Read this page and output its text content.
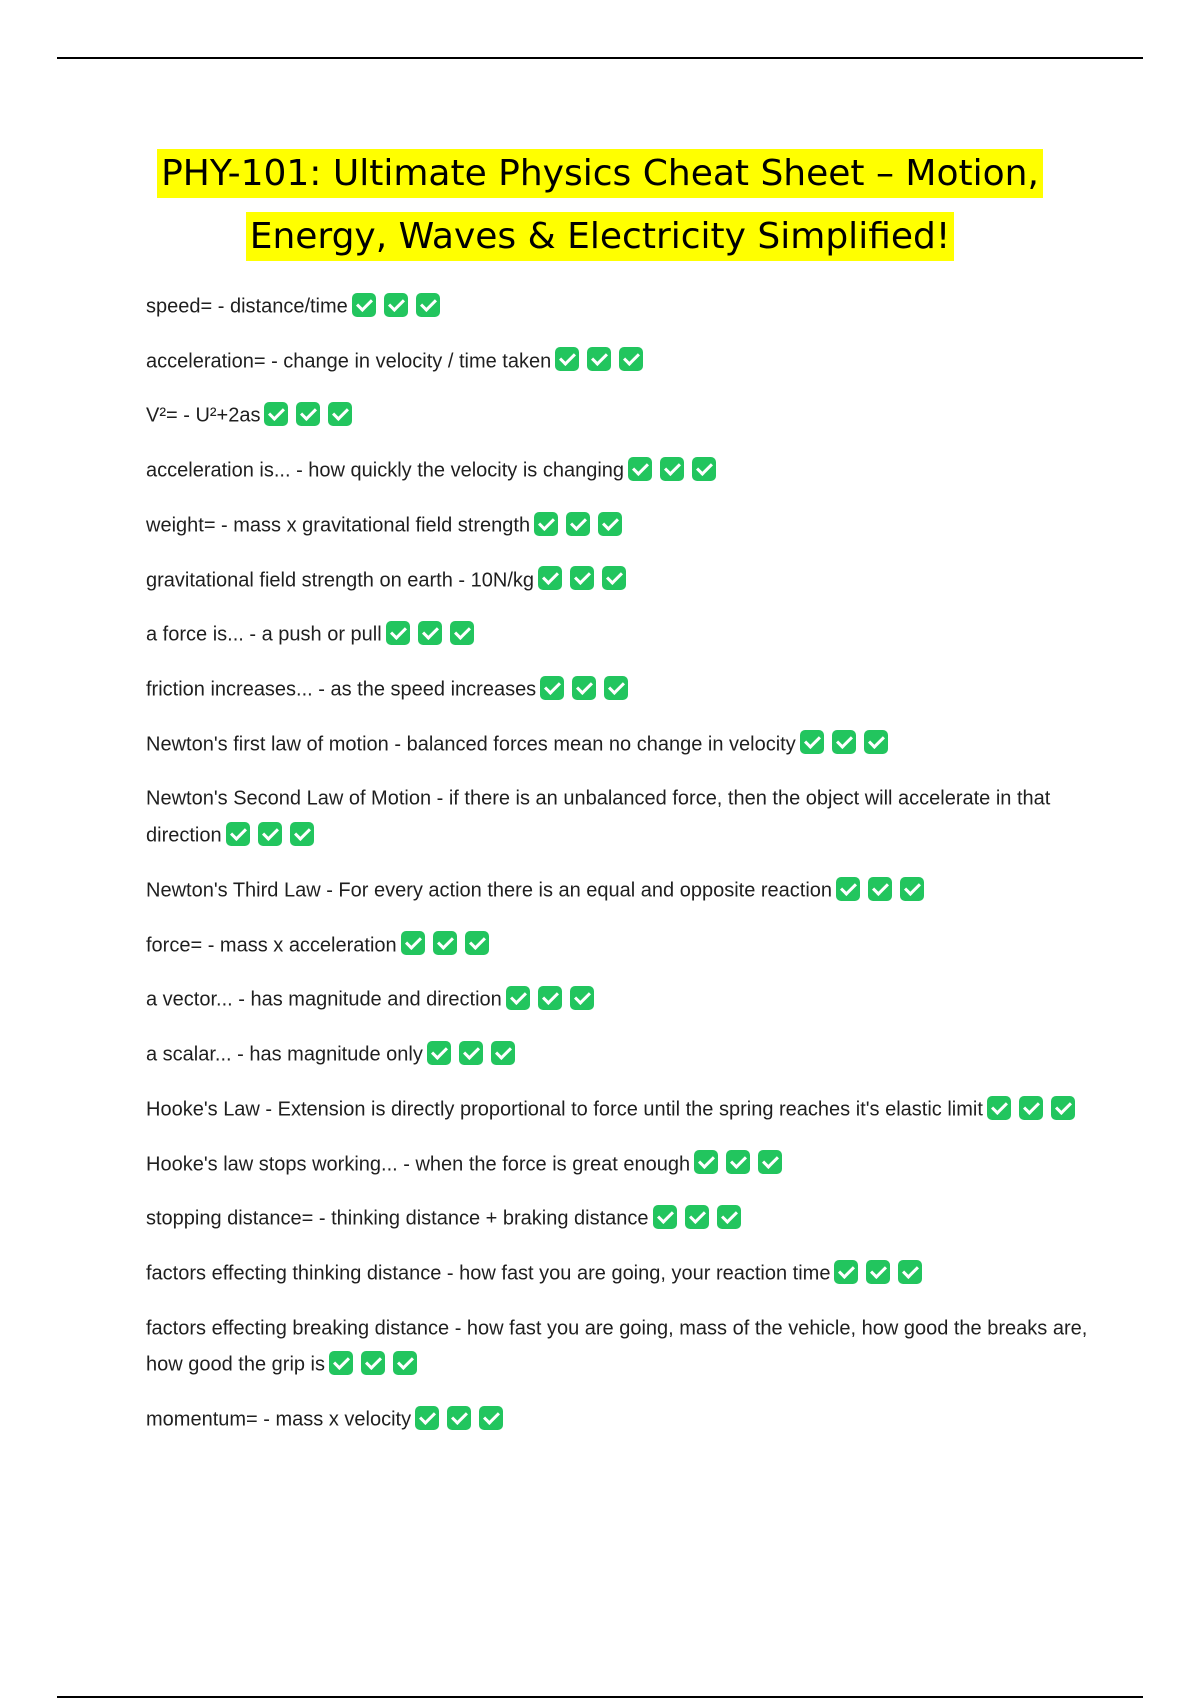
PHY-101: Ultimate Physics Cheat Sheet – Motion, Energy, Waves & Electricity Simplified!
speed= - distance/time
acceleration= - change in velocity / time taken
V²= - U²+2as
acceleration is... - how quickly the velocity is changing
weight= - mass x gravitational field strength
gravitational field strength on earth - 10N/kg
a force is... - a push or pull
friction increases... - as the speed increases
Newton's first law of motion - balanced forces mean no change in velocity
Newton's Second Law of Motion - if there is an unbalanced force, then the object will accelerate in that direction
Newton's Third Law - For every action there is an equal and opposite reaction
force= - mass x acceleration
a vector... - has magnitude and direction
a scalar... - has magnitude only
Hooke's Law - Extension is directly proportional to force until the spring reaches it's elastic limit
Hooke's law stops working... - when the force is great enough
stopping distance= - thinking distance + braking distance
factors effecting thinking distance - how fast you are going, your reaction time
factors effecting breaking distance - how fast you are going, mass of the vehicle, how good the breaks are, how good the grip is
momentum= - mass x velocity
